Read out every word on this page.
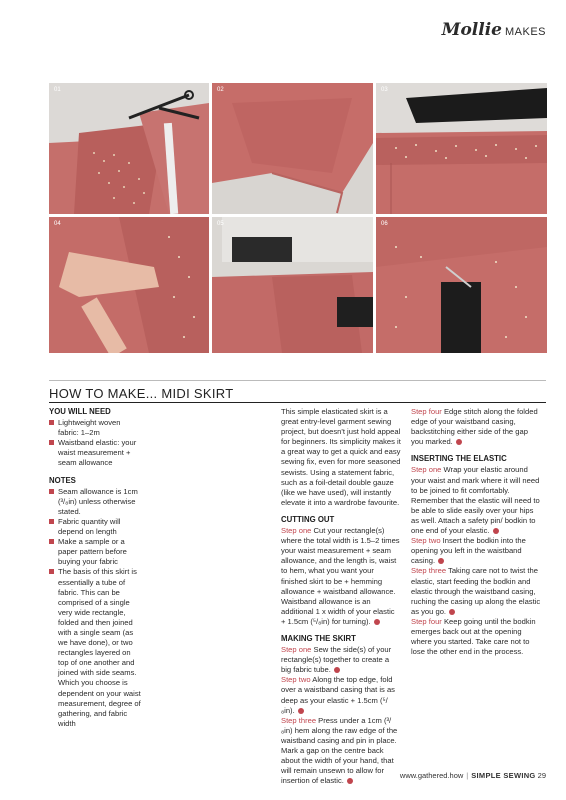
Mollie MAKES
01	02	03
04	05	06
HOW TO MAKE... MIDI SKIRT
YOU WILL NEED
Lightweight woven fabric: 1–2m
Waistband elastic: your waist measurement + seam allowance
NOTES
Seam allowance is 1cm (³/₈in) unless otherwise stated.
Fabric quantity will depend on length
Make a sample or a paper pattern before buying your fabric
The basis of this skirt is essentially a tube of fabric. This can be comprised of a single very wide rectangle, folded and then joined with a single seam (as we have done), or two rectangles layered on top of one another and joined with side seams. Which you choose is dependent on your waist measurement, degree of gathering, and fabric width

This simple elasticated skirt is a great entry-level garment sewing project, but doesn't just hold appeal for beginners. Its simplicity makes it a great way to get a quick and easy sewing fix, even for more seasoned sewists. Using a statement fabric, such as a foil-detail double gauze (like we have used), will instantly elevate it into a wardrobe favourite.

CUTTING OUT

Step one Cut your rectangle(s) where the total width is 1.5–2 times your waist measurement + seam allowance, and the length is, waist to hem, what you want your finished skirt to be + hemming allowance + waistband allowance. Waistband allowance is an additional 1 x width of your elastic + 1.5cm (⁵/₈in) for turning).

MAKING THE SKIRT
Step one Sew the side(s) of your rectangle(s) together to create a big fabric tube.
Step two Along the top edge, fold over a waistband casing that is as deep as your elastic + 1.5cm (⁵/₈in).
Step three Press under a 1cm (³/₈in) hem along the raw edge of the waistband casing and pin in place. Mark a gap on the centre back about the width of your hand, that will remain unsewn to allow for insertion of elastic.

Step four Edge stitch along the folded edge of your waistband casing, backstitching either side of the gap you marked.

INSERTING THE ELASTIC
Step one Wrap your elastic around your waist and mark where it will need to be joined to fit comfortably. Remember that the elastic will need to be able to slide easily over your hips as well. Attach a safety pin/ bodkin to one end of your elastic.
Step two Insert the bodkin into the opening you left in the waistband casing.
Step three Taking care not to twist the elastic, start feeding the bodkin and elastic through the waistband casing, ruching the casing up along the elastic as you go.
Step four Keep going until the bodkin emerges back out at the opening where you started. Take care not to lose the other end in the process.
www.gathered.how | SIMPLE SEWING 29
